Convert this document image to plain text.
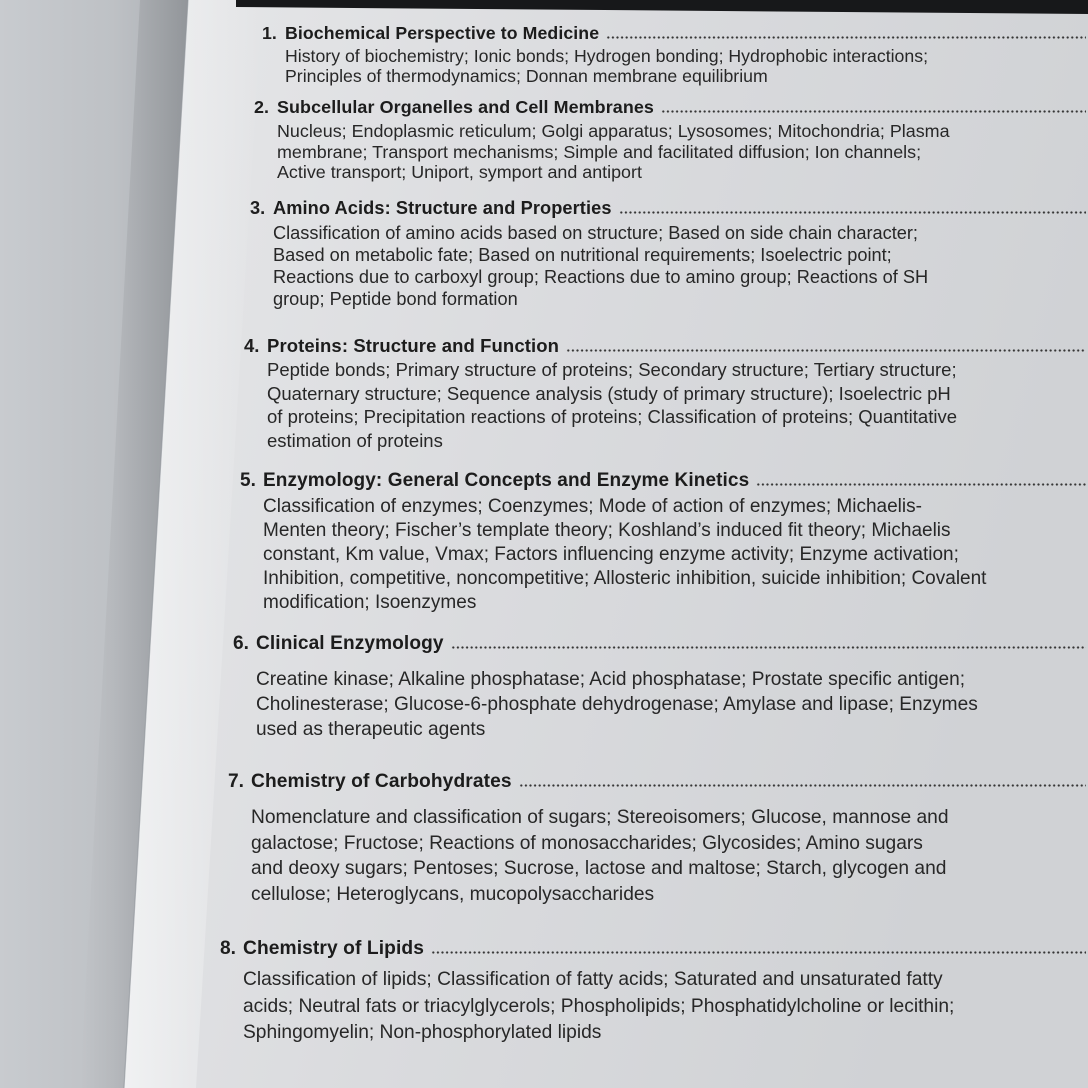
1. Biochemical Perspective to Medicine
History of biochemistry; Ionic bonds; Hydrogen bonding; Hydrophobic interactions;
Principles of thermodynamics; Donnan membrane equilibrium
2. Subcellular Organelles and Cell Membranes
Nucleus; Endoplasmic reticulum; Golgi apparatus; Lysosomes; Mitochondria; Plasma
membrane; Transport mechanisms; Simple and facilitated diffusion; Ion channels;
Active transport; Uniport, symport and antiport
3. Amino Acids: Structure and Properties
Classification of amino acids based on structure; Based on side chain character;
Based on metabolic fate; Based on nutritional requirements; Isoelectric point;
Reactions due to carboxyl group; Reactions due to amino group; Reactions of SH
group; Peptide bond formation
4. Proteins: Structure and Function
Peptide bonds; Primary structure of proteins; Secondary structure; Tertiary structure;
Quaternary structure; Sequence analysis (study of primary structure); Isoelectric pH
of proteins; Precipitation reactions of proteins; Classification of proteins; Quantitative
estimation of proteins
5. Enzymology: General Concepts and Enzyme Kinetics
Classification of enzymes; Coenzymes; Mode of action of enzymes; Michaelis-
Menten theory; Fischer’s template theory; Koshland’s induced fit theory; Michaelis
constant, Km value, Vmax; Factors influencing enzyme activity; Enzyme activation;
Inhibition, competitive, noncompetitive; Allosteric inhibition, suicide inhibition; Covalent
modification; Isoenzymes
6. Clinical Enzymology
Creatine kinase; Alkaline phosphatase; Acid phosphatase; Prostate specific antigen;
Cholinesterase; Glucose-6-phosphate dehydrogenase; Amylase and lipase; Enzymes
used as therapeutic agents
7. Chemistry of Carbohydrates
Nomenclature and classification of sugars; Stereoisomers; Glucose, mannose and
galactose; Fructose; Reactions of monosaccharides; Glycosides; Amino sugars
and deoxy sugars; Pentoses; Sucrose, lactose and maltose; Starch, glycogen and
cellulose; Heteroglycans, mucopolysaccharides
8. Chemistry of Lipids
Classification of lipids; Classification of fatty acids; Saturated and unsaturated fatty
acids; Neutral fats or triacylglycerols; Phospholipids; Phosphatidylcholine or lecithin;
Sphingomyelin; Non-phosphorylated lipids
